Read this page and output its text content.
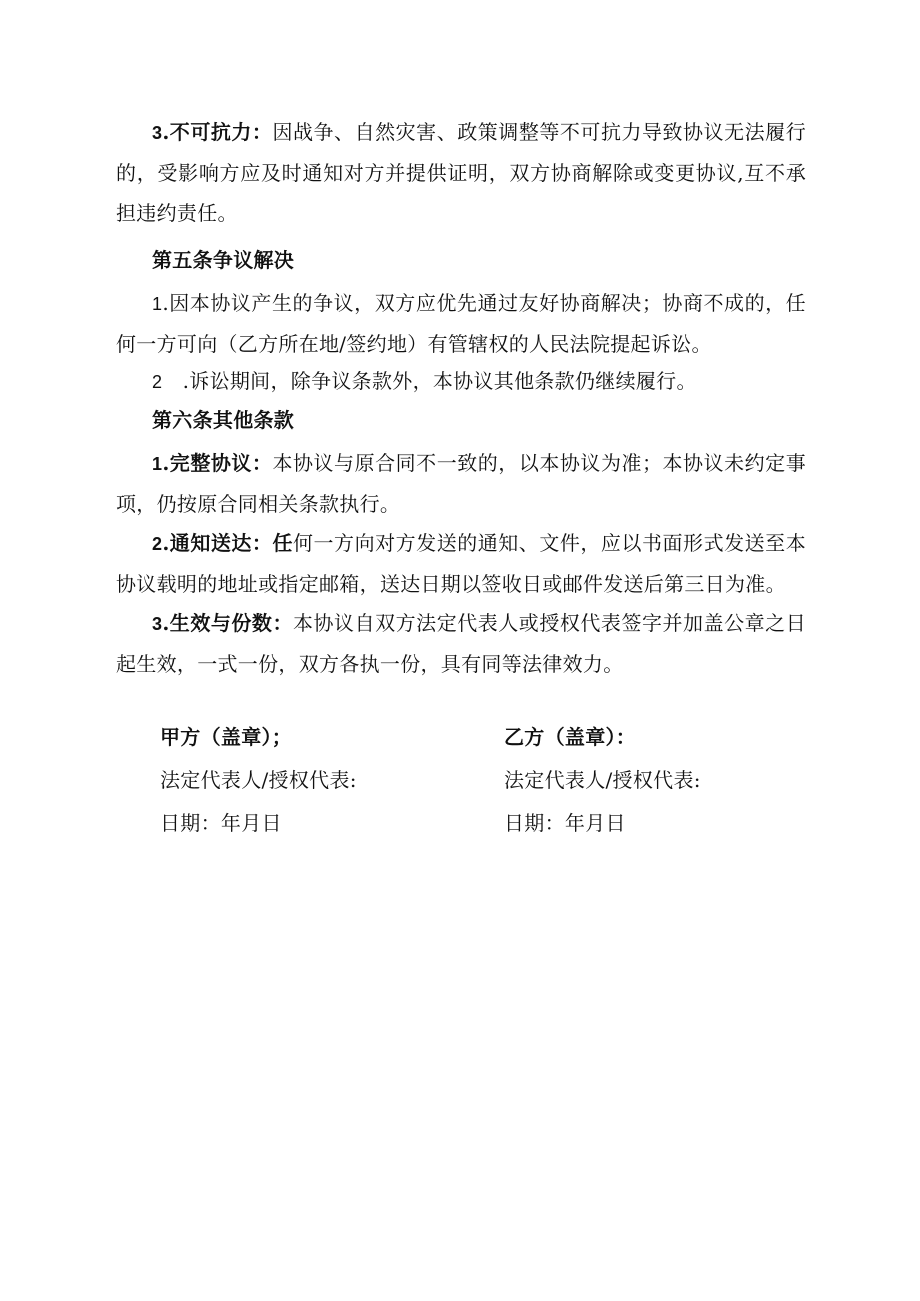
3.不可抗力：因战争、自然灾害、政策调整等不可抗力导致协议无法履行的，受影响方应及时通知对方并提供证明，双方协商解除或变更协议,互不承担违约责任。

第五条争议解决

1.因本协议产生的争议，双方应优先通过友好协商解决；协商不成的，任何一方可向（乙方所在地/签约地）有管辖权的人民法院提起诉讼。

2　.诉讼期间，除争议条款外，本协议其他条款仍继续履行。

第六条其他条款

1.完整协议：本协议与原合同不一致的，以本协议为准；本协议未约定事项，仍按原合同相关条款执行。

2.通知送达：任何一方向对方发送的通知、文件，应以书面形式发送至本协议载明的地址或指定邮箱，送达日期以签收日或邮件发送后第三日为准。

3.生效与份数：本协议自双方法定代表人或授权代表签字并加盖公章之日起生效，一式一份，双方各执一份，具有同等法律效力。

甲方（盖章）；
法定代表人/授权代表:
日期：年月日
乙方（盖章）：
法定代表人/授权代表:
日期：年月日
